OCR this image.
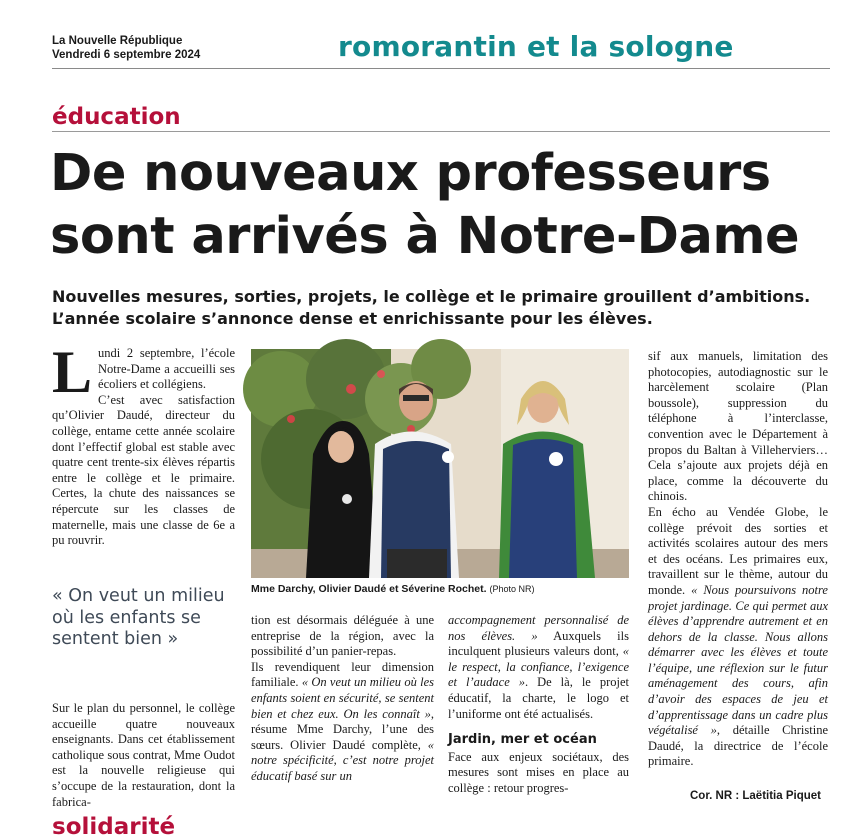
La Nouvelle République
Vendredi 6 septembre 2024	romorantin et la sologne
éducation
De nouveaux professeurs
sont arrivés à Notre-Dame
Nouvelles mesures, sorties, projets, le collège et le primaire grouillent d’ambitions.
L’année scolaire s’annonce dense et enrichissante pour les élèves.

Lundi 2 septembre, l’école Notre-Dame a accueilli ses écoliers et collégiens.

C’est avec satisfaction qu’Olivier Daudé, directeur du collège, entame cette année scolaire dont l’effectif global est stable avec quatre cent trente-six élèves répartis entre le collège et le primaire. Certes, la chute des naissances se répercute sur les classes de maternelle, mais une classe de 6e a pu rouvrir.

« On veut un milieu où les enfants se sentent bien »

Sur le plan du personnel, le collège accueille quatre nouveaux enseignants. Dans cet établissement catholique sous contrat, Mme Oudot est la nouvelle religieuse qui s’occupe de la restauration, dont la fabrica-

Mme Darchy, Olivier Daudé et Séverine Rochet. (Photo NR)

tion est désormais déléguée à une entreprise de la région, avec la possibilité d’un panier-repas.

Ils revendiquent leur dimension familiale. « On veut un milieu où les enfants soient en sécurité, se sentent bien et chez eux. On les connaît », résume Mme Darchy, l’une des sœurs. Olivier Daudé complète, « notre spécificité, c’est notre projet éducatif basé sur un

accompagnement personnalisé de nos élèves. » Auxquels ils inculquent plusieurs valeurs dont, « le respect, la confiance, l’exigence et l’audace ». De là, le projet éducatif, la charte, le logo et l’uniforme ont été actualisés.

Jardin, mer et océan

Face aux enjeux sociétaux, des mesures sont mises en place au collège : retour progres-

sif aux manuels, limitation des photocopies, autodiagnostic sur le harcèlement scolaire (Plan boussole), suppression du téléphone à l’interclasse, convention avec le Département à propos du Baltan à Villeherviers… Cela s’ajoute aux projets déjà en place, comme la découverte du chinois.

En écho au Vendée Globe, le collège prévoit des sorties et activités scolaires autour des mers et des océans. Les primaires eux, travaillent sur le thème, autour du monde. « Nous poursuivons notre projet jardinage. Ce qui permet aux élèves d’apprendre autrement et en dehors de la classe. Nous allons démarrer avec les élèves et toute l’équipe, une réflexion sur le futur aménagement des cours, afin d’avoir des espaces de jeu et d’apprentissage dans un cadre plus végétalisé », détaille Christine Daudé, la directrice de l’école primaire.

Cor. NR : Laëtitia Piquet
solidarité
